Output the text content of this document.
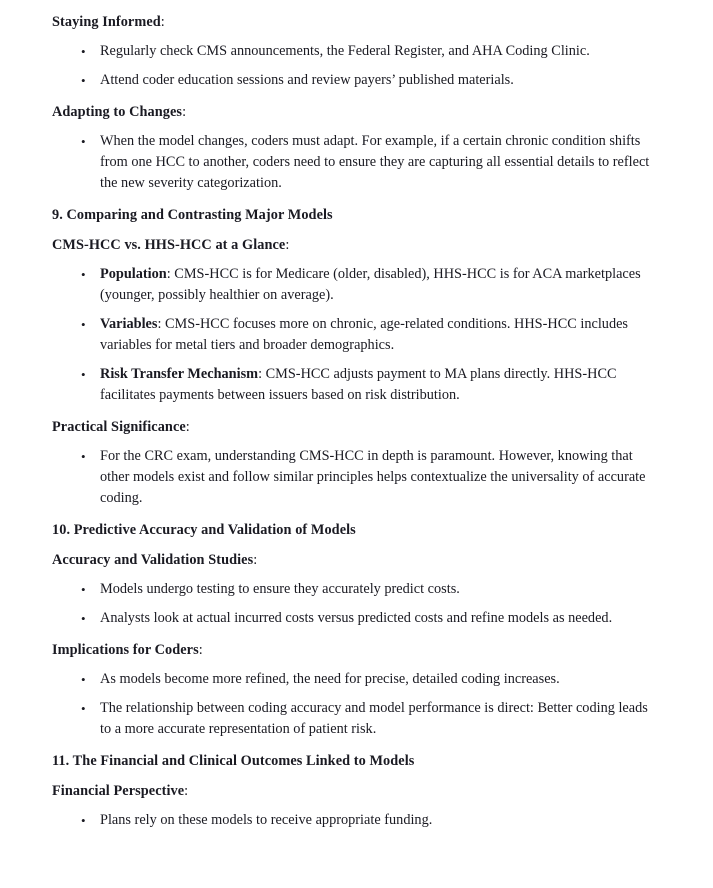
Staying Informed:
• Regularly check CMS announcements, the Federal Register, and AHA Coding Clinic.
• Attend coder education sessions and review payers’ published materials.
Adapting to Changes:
• When the model changes, coders must adapt. For example, if a certain chronic condition shifts from one HCC to another, coders need to ensure they are capturing all essential details to reflect the new severity categorization.
9. Comparing and Contrasting Major Models
CMS-HCC vs. HHS-HCC at a Glance:
• Population: CMS-HCC is for Medicare (older, disabled), HHS-HCC is for ACA marketplaces (younger, possibly healthier on average).
• Variables: CMS-HCC focuses more on chronic, age-related conditions. HHS-HCC includes variables for metal tiers and broader demographics.
• Risk Transfer Mechanism: CMS-HCC adjusts payment to MA plans directly. HHS-HCC facilitates payments between issuers based on risk distribution.
Practical Significance:
• For the CRC exam, understanding CMS-HCC in depth is paramount. However, knowing that other models exist and follow similar principles helps contextualize the universality of accurate coding.
10. Predictive Accuracy and Validation of Models
Accuracy and Validation Studies:
• Models undergo testing to ensure they accurately predict costs.
• Analysts look at actual incurred costs versus predicted costs and refine models as needed.
Implications for Coders:
• As models become more refined, the need for precise, detailed coding increases.
• The relationship between coding accuracy and model performance is direct: Better coding leads to a more accurate representation of patient risk.
11. The Financial and Clinical Outcomes Linked to Models
Financial Perspective:
• Plans rely on these models to receive appropriate funding.
